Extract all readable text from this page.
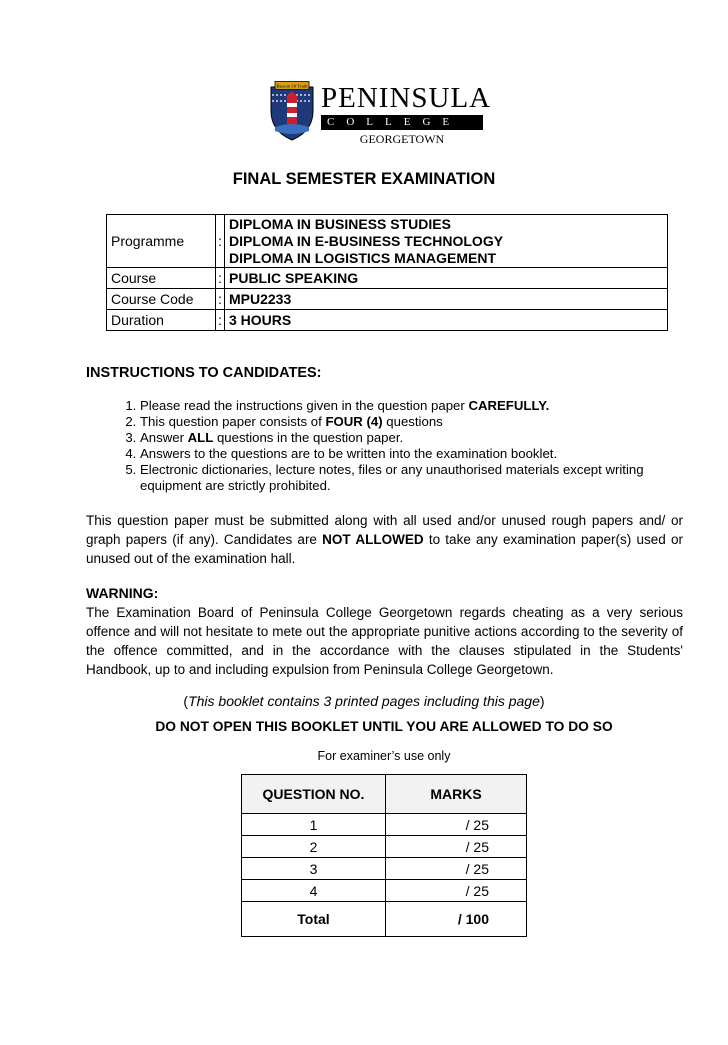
Beacon Of Truth PENINSULA
COLLEGE
GEORGETOWN
FINAL SEMESTER EXAMINATION
Programme	:	DIPLOMA IN BUSINESS STUDIES
DIPLOMA IN E-BUSINESS TECHNOLOGY
DIPLOMA IN LOGISTICS MANAGEMENT

Course	:	PUBLIC SPEAKING
Course Code	:	MPU2233
Duration	:	3 HOURS
INSTRUCTIONS TO CANDIDATES:
1. Please read the instructions given in the question paper CAREFULLY.
2. This question paper consists of FOUR (4) questions
3. Answer ALL questions in the question paper.
4. Answers to the questions are to be written into the examination booklet.
5. Electronic dictionaries, lecture notes, files or any unauthorised materials except writing equipment are strictly prohibited.
This question paper must be submitted along with all used and/or unused rough papers and/ or graph papers (if any). Candidates are NOT ALLOWED to take any examination paper(s) used or unused out of the examination hall.
WARNING:
The Examination Board of Peninsula College Georgetown regards cheating as a very serious offence and will not hesitate to mete out the appropriate punitive actions according to the severity of the offence committed, and in the accordance with the clauses stipulated in the Students' Handbook, up to and including expulsion from Peninsula College Georgetown.
(This booklet contains 3 printed pages including this page)
DO NOT OPEN THIS BOOKLET UNTIL YOU ARE ALLOWED TO DO SO
For examiner’s use only
QUESTION NO.	MARKS
1	/ 25
2	/ 25
3	/ 25
4	/ 25
Total	/ 100
